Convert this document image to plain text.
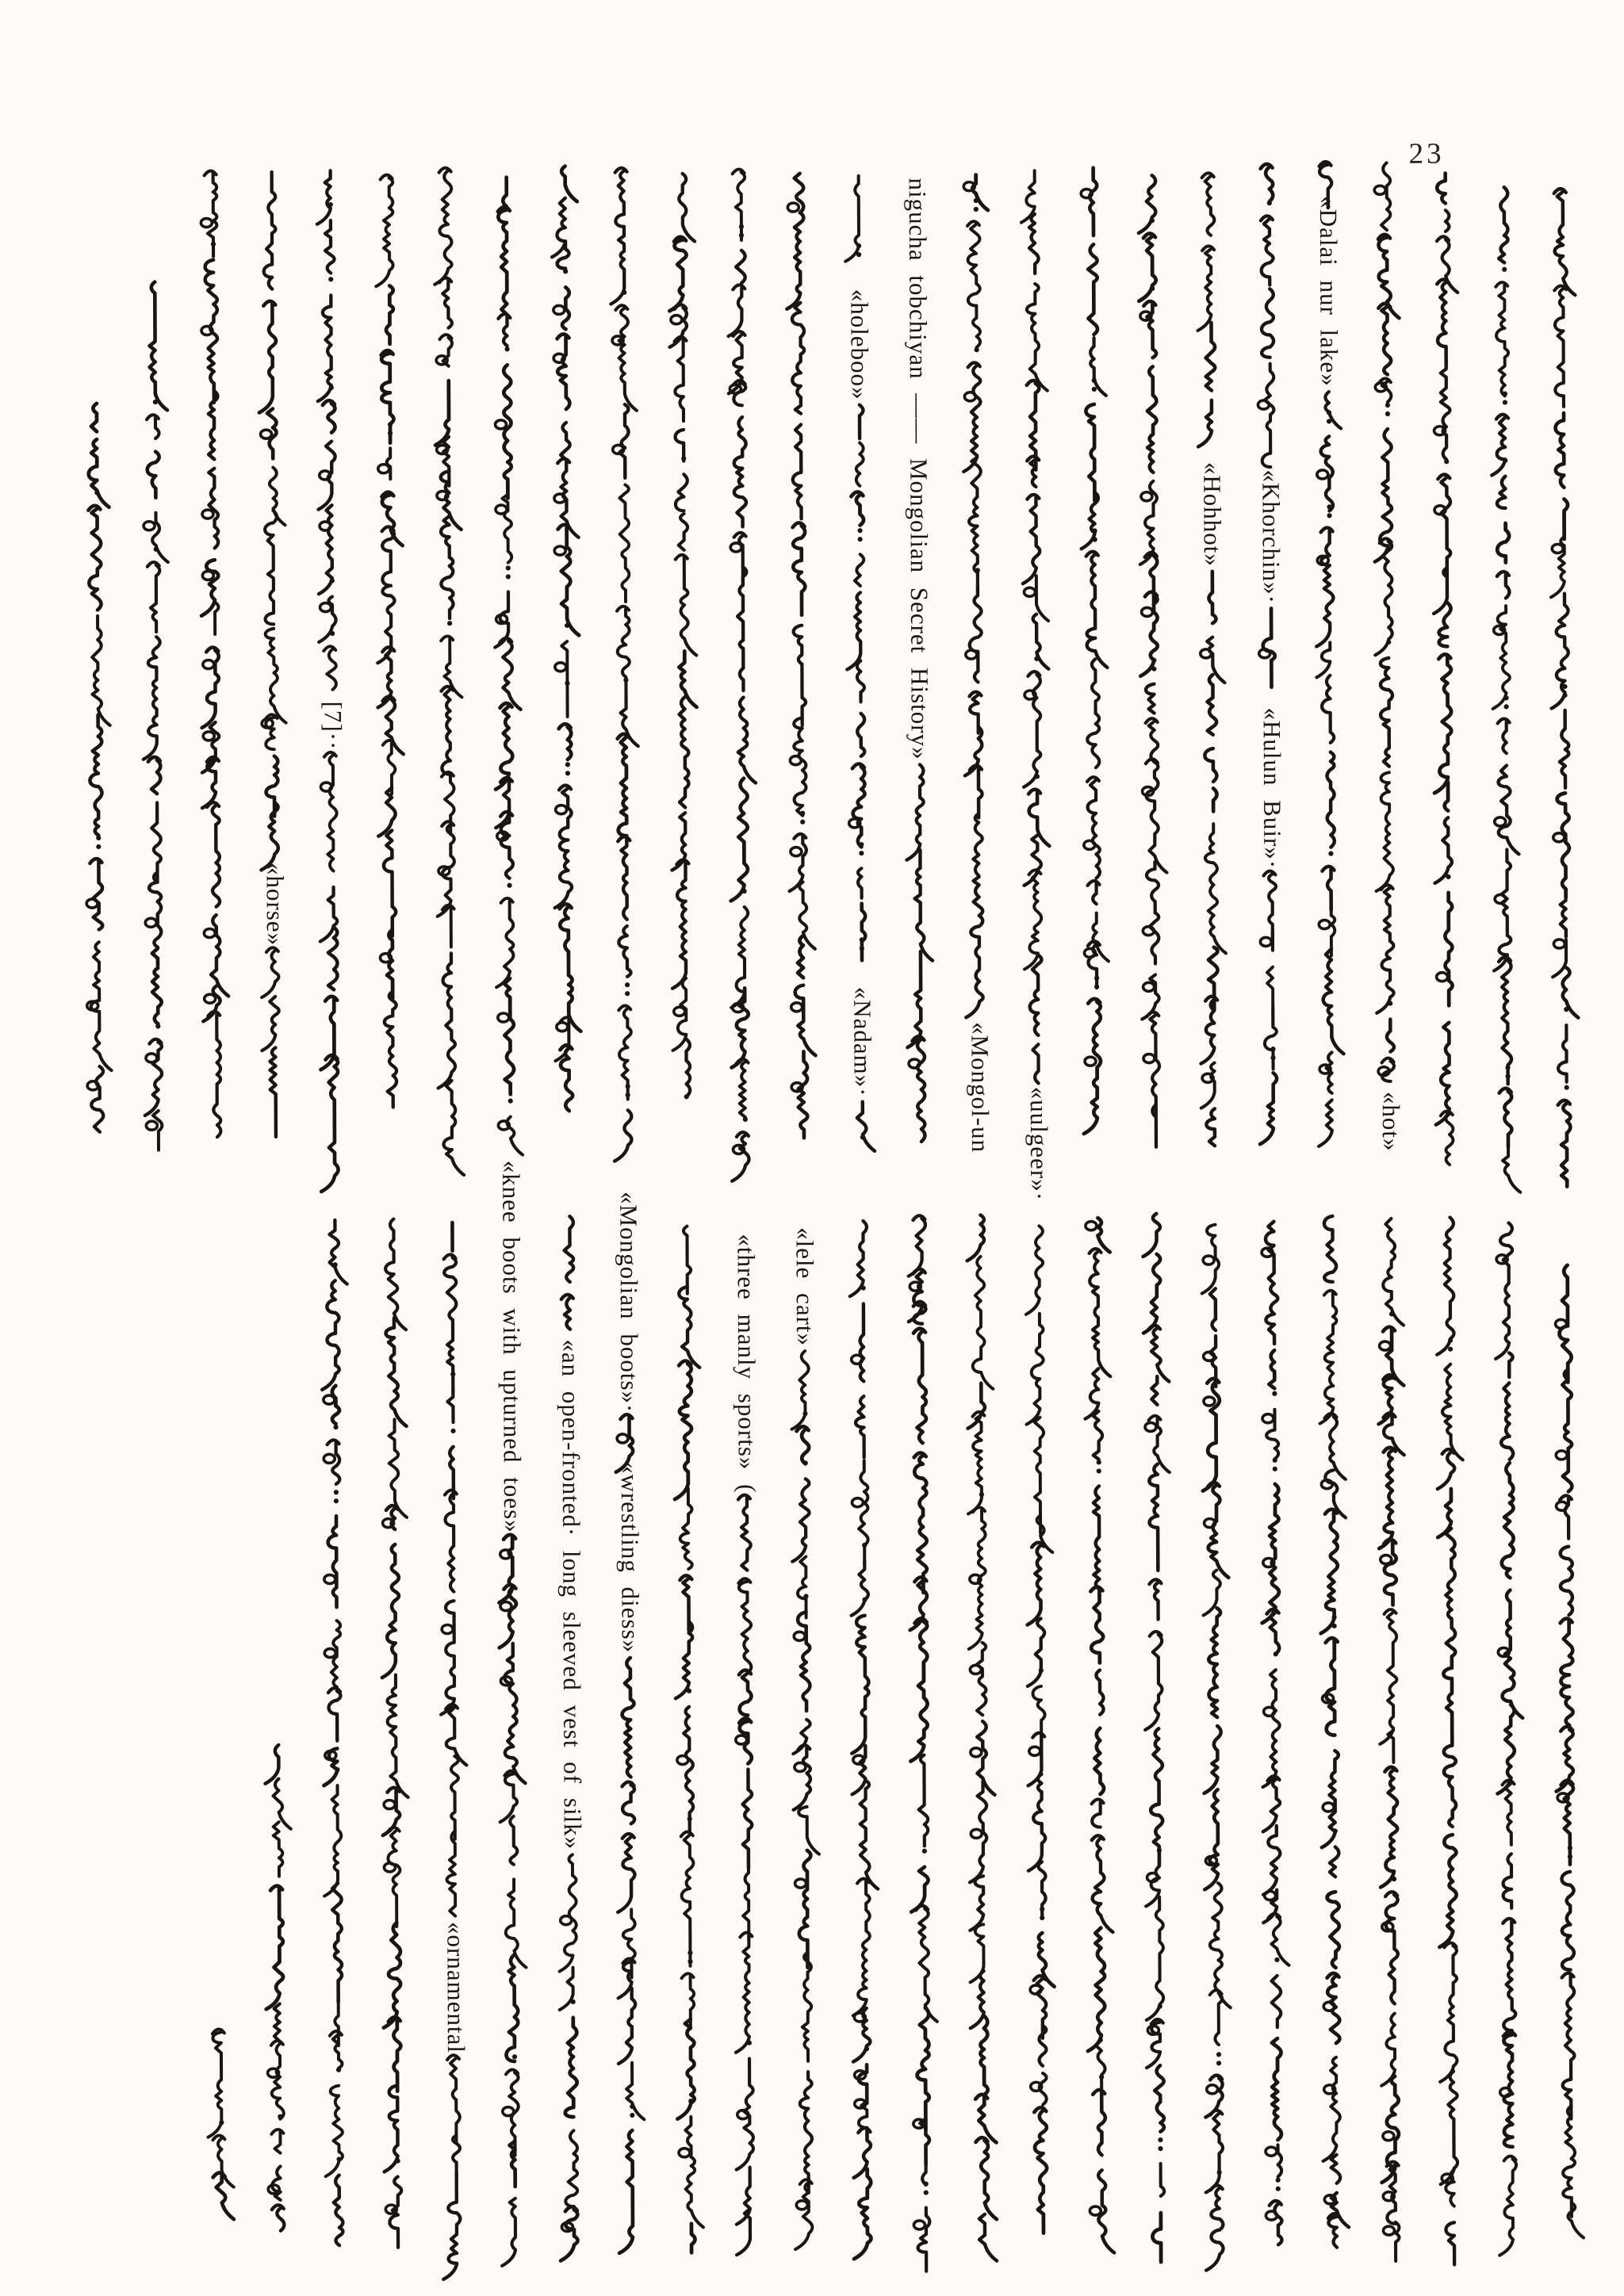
23
«Dalai nur lake»
«Khorchin»·
«Hohhot»
«Hulun Buir»·
«hot»
«Mongol-un
nigucha tobchiyan —— Mongolian Secret History»
«holeboo»
«Nadam»·
«uulgeer»·
«horse»
[7]··
«lele cart»
«three manly sports» (
«Mongolian boots»·
«wrestling diess»
«an open-fronted· long sleeved vest of silk»
«knee boots with upturned toes»
«ornamental
